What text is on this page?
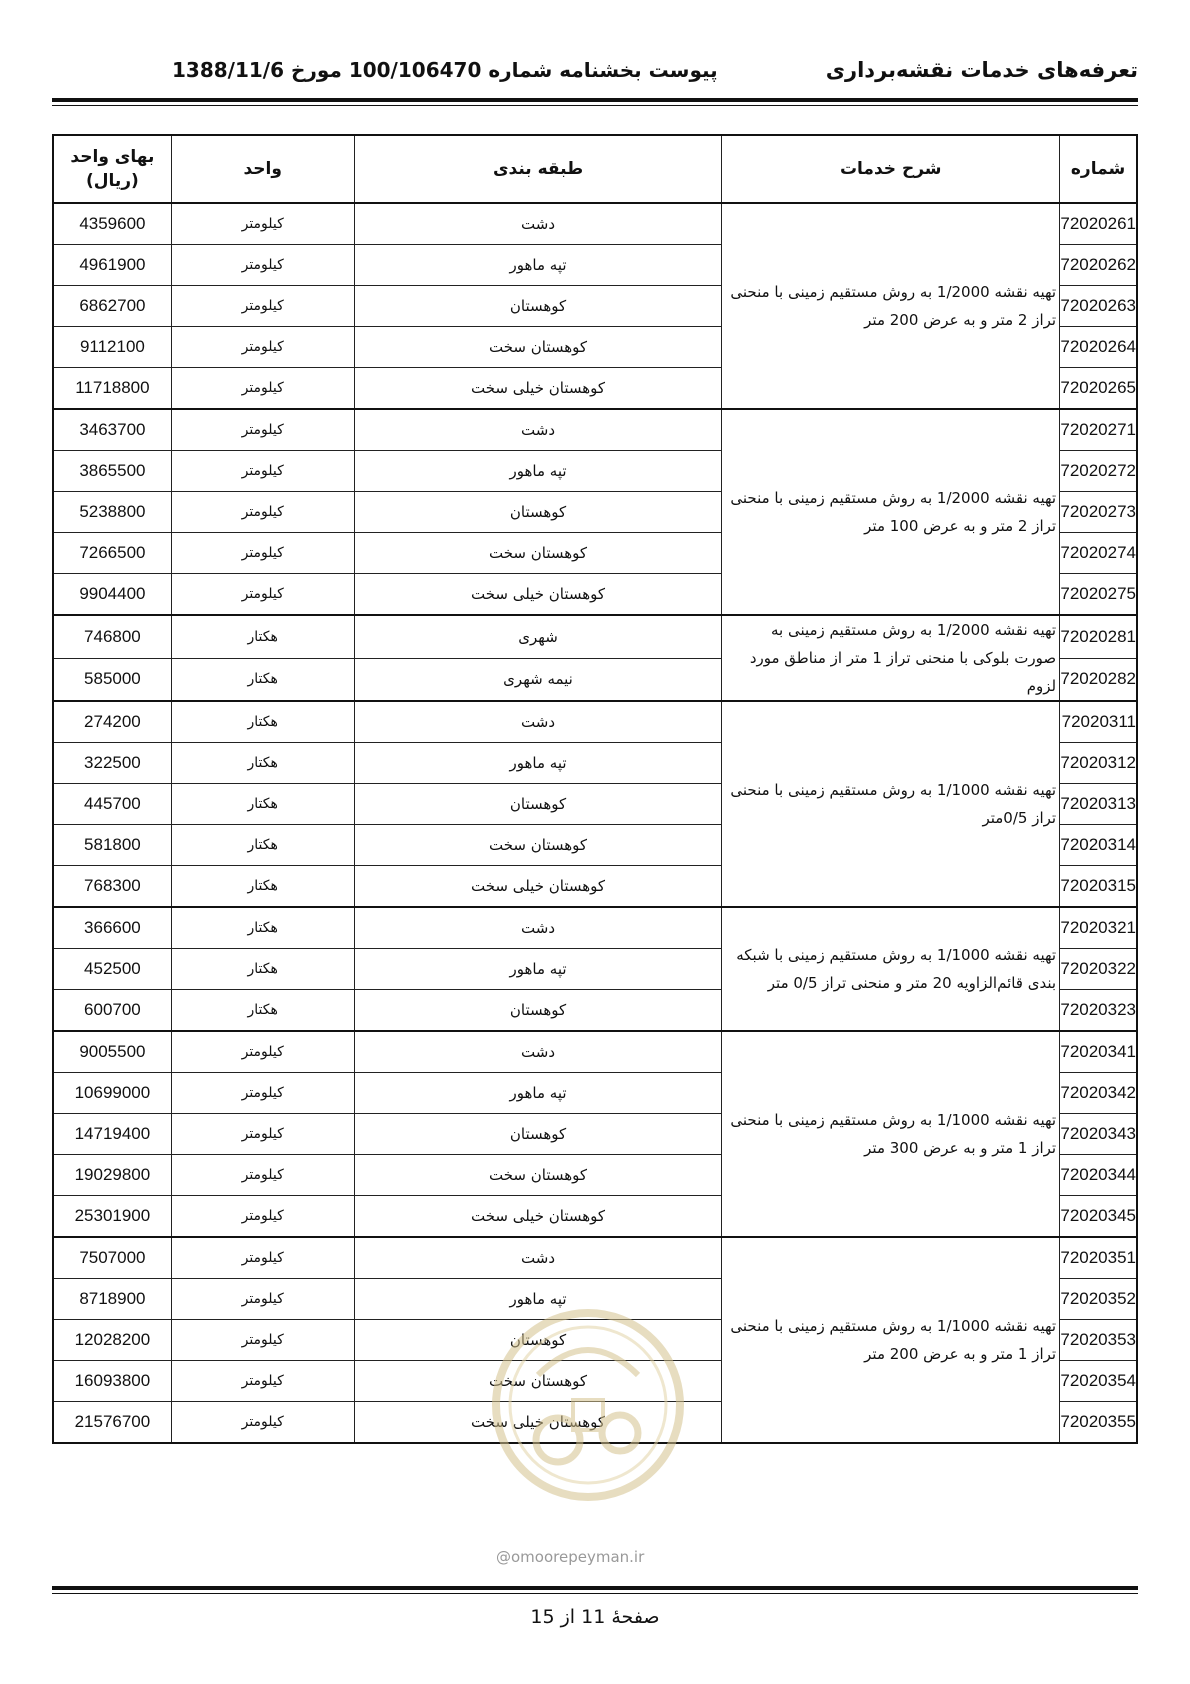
تعرفه‌های خدمات نقشه‌برداری
پیوست بخشنامه شماره 100/106470 مورخ 1388/11/6
شماره	شرح خدمات	طبقه بندی	واحد	بهای واحد (ریال)
72020261	تهیه نقشه 1/2000 به روش مستقیم زمینی با منحنی تراز 2 متر و به عرض 200 متر	دشت	کیلومتر	4359600
72020262		تپه ماهور	کیلومتر	4961900
72020263		کوهستان	کیلومتر	6862700
72020264		کوهستان سخت	کیلومتر	9112100
72020265		کوهستان خیلی سخت	کیلومتر	11718800
72020271	تهیه نقشه 1/2000 به روش مستقیم زمینی با منحنی تراز 2 متر و به عرض 100 متر	دشت	کیلومتر	3463700
72020272		تپه ماهور	کیلومتر	3865500
72020273		کوهستان	کیلومتر	5238800
72020274		کوهستان سخت	کیلومتر	7266500
72020275		کوهستان خیلی سخت	کیلومتر	9904400
72020281	تهیه نقشه 1/2000 به روش مستقیم زمینی به صورت بلوکی با منحنی تراز 1 متر از مناطق مورد لزوم	شهری	هکتار	746800
72020282		نیمه شهری	هکتار	585000
72020311	تهیه نقشه 1/1000 به روش مستقیم زمینی با منحنی تراز 0/5متر	دشت	هکتار	274200
72020312		تپه ماهور	هکتار	322500
72020313		کوهستان	هکتار	445700
72020314		کوهستان سخت	هکتار	581800
72020315		کوهستان خیلی سخت	هکتار	768300
72020321	تهیه نقشه 1/1000 به روش مستقیم زمینی با شبکه بندی قائم‌الزاویه 20 متر و منحنی تراز 0/5 متر	دشت	هکتار	366600
72020322		تپه ماهور	هکتار	452500
72020323		کوهستان	هکتار	600700
72020341	تهیه نقشه 1/1000 به روش مستقیم زمینی با منحنی تراز 1 متر و به عرض 300 متر	دشت	کیلومتر	9005500
72020342		تپه ماهور	کیلومتر	10699000
72020343		کوهستان	کیلومتر	14719400
72020344		کوهستان سخت	کیلومتر	19029800
72020345		کوهستان خیلی سخت	کیلومتر	25301900
72020351	تهیه نقشه 1/1000 به روش مستقیم زمینی با منحنی تراز 1 متر و به عرض 200 متر	دشت	کیلومتر	7507000
72020352		تپه ماهور	کیلومتر	8718900
72020353		کوهستان	کیلومتر	12028200
72020354		کوهستان سخت	کیلومتر	16093800
72020355		کوهستان خیلی سخت	کیلومتر	21576700
@omoorepeyman.ir
صفحهٔ 11 از 15
